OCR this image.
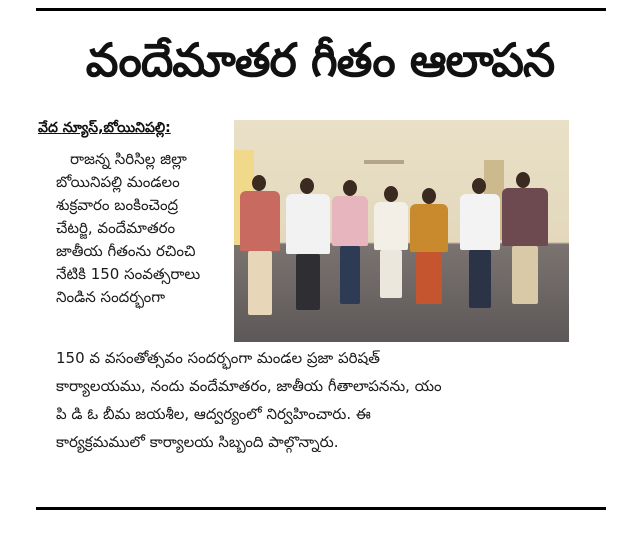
వందేమాతర గీతం ఆలాపన
వేద న్యూస్,బోయినిపల్లి:
రాజన్న సిరిసిల్ల జిల్లా
బోయినిపల్లి మండలం
శుక్రవారం బంకించెంద్ర
చేటర్జి, వందేమాతరం
జాతీయ గీతంను రచించి
నేటికి 150 సంవత్సరాలు
నిండిన సందర్భంగా
150 వ వసంతోత్సవం సందర్భంగా మండల ప్రజా పరిషత్
కార్యాలయము, నందు వందేమాతరం, జాతీయ గీతాలాపనను, యం
పి డి ఓ బీమ జయశీల, ఆద్వర్యంలో నిర్వహించారు. ఈ
కార్యక్రమములో కార్యాలయ సిబ్బంది పాల్గొన్నారు.
